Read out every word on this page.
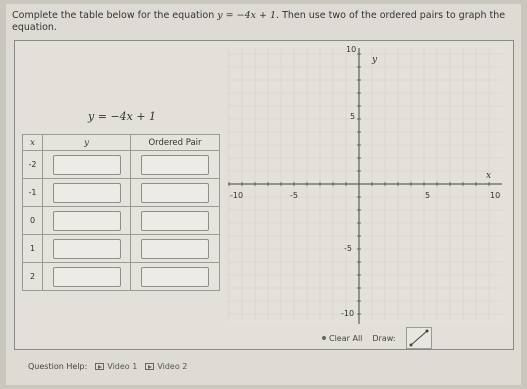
Complete the table below for the equation y = −4x + 1. Then use two of the ordered pairs to graph the equation.
y = −4x + 1
x	y	Ordered Pair
-2	

-1	

0	

1	

2	

x
y
-10	-5	5	10
10
5
-5
-10
Clear All Draw:
Question Help:	Video 1	Video 2
